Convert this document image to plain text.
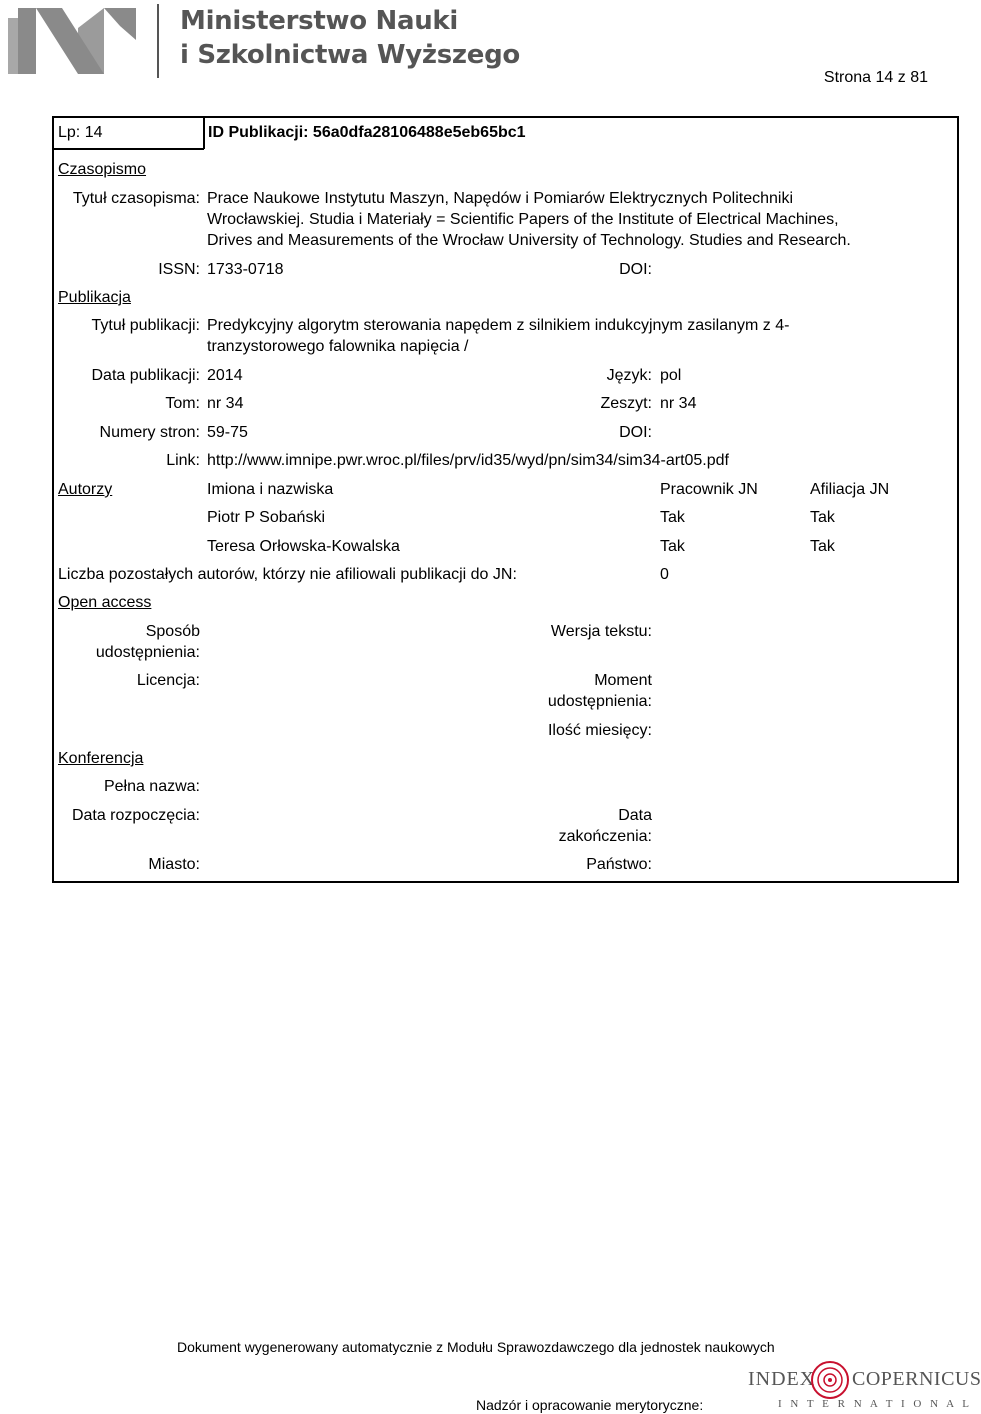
Ministerstwo Nauki
i Szkolnictwa Wyższego
Strona 14 z 81
Lp: 14	ID Publikacji: 56a0dfa28106488e5eb65bc1
Czasopismo
Tytuł czasopisma: Prace Naukowe Instytutu Maszyn, Napędów i Pomiarów Elektrycznych Politechniki
Wrocławskiej. Studia i Materiały = Scientific Papers of the Institute of Electrical Machines,
Drives and Measurements of the Wrocław University of Technology. Studies and Research.
ISSN: 1733-0718	DOI:
Publikacja
Tytuł publikacji: Predykcyjny algorytm sterowania napędem z silnikiem indukcyjnym zasilanym z 4-
tranzystorowego falownika napięcia /
Data publikacji: 2014	Język: pol
Tom: nr 34	Zeszyt: nr 34
Numery stron: 59-75	DOI:
Link: http://www.imnipe.pwr.wroc.pl/files/prv/id35/wyd/pn/sim34/sim34-art05.pdf
Autorzy	Imiona i nazwiska	Pracownik JN	Afiliacja JN
Piotr P Sobański	Tak	Tak
Teresa Orłowska-Kowalska	Tak	Tak
Liczba pozostałych autorów, którzy nie afiliowali publikacji do JN:	0
Open access
Sposób
udostępnienia:
Wersja tekstu:
Licencja:	Moment
udostępnienia:
Ilość miesięcy:
Konferencja
Pełna nazwa:
Data rozpoczęcia:	Data
zakończenia:
Miasto:	Państwo:
Dokument wygenerowany automatycznie z Modułu Sprawozdawczego dla jednostek naukowych
Nadzór i opracowanie merytoryczne:
INDEX COPERNICUS
I N T E R N A T I O N A L
